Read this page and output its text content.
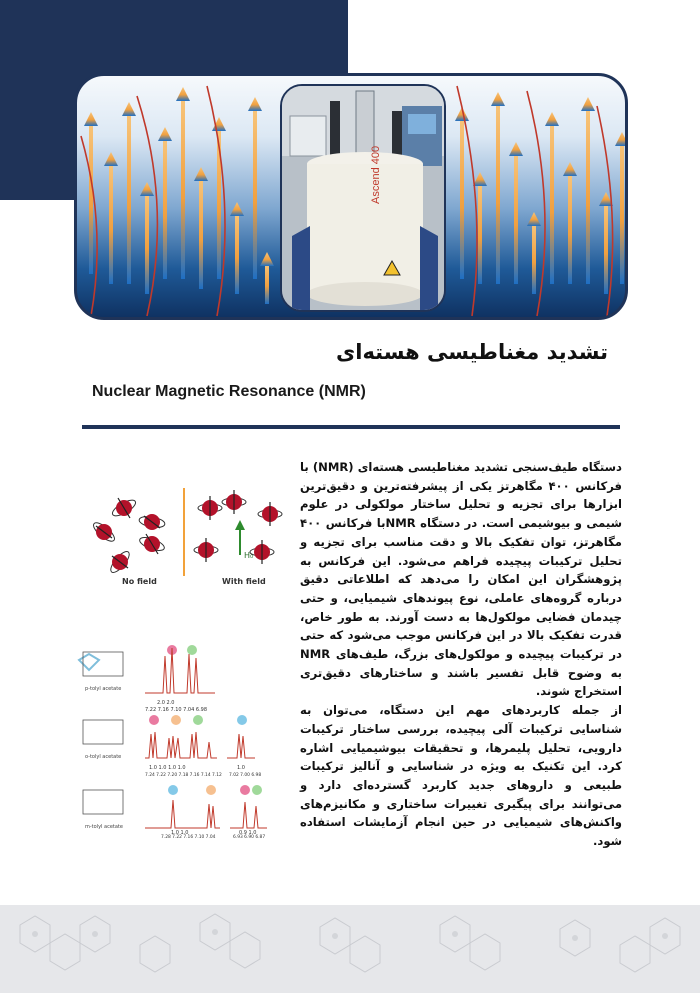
Ascend 400
تشدید مغناطیسی هسته‌ای
Nuclear Magnetic Resonance (NMR)

دستگاه طیف‌سنجی تشدید مغناطیسی هسته‌ای (NMR) با فرکانس ۴۰۰ مگاهرتز یکی از پیشرفته‌ترین و دقیق‌ترین ابزارها برای تجزیه و تحلیل ساختار مولکولی در علوم شیمی و بیوشیمی است. در دستگاه NMRبا فرکانس ۴۰۰ مگاهرتز، توان تفکیک بالا و دقت مناسب برای تجزیه و تحلیل ترکیبات پیچیده فراهم می‌شود. این فرکانس به پژوهشگران این امکان را می‌دهد که اطلاعاتی دقیق درباره گروه‌های عاملی، نوع پیوندهای شیمیایی، و حتی چیدمان فضایی مولکول‌ها به دست آورند. به طور خاص، قدرت تفکیک بالا در این فرکانس موجب می‌شود که حتی در ترکیبات پیچیده و مولکول‌های بزرگ، طیف‌های NMR به وضوح قابل تفسیر باشند و ساختارهای دقیق‌تری استخراج شوند.

از جمله کاربردهای مهم این دستگاه، می‌توان به شناسایی ترکیبات آلی پیچیده، بررسی ساختار ترکیبات دارویی، تحلیل پلیمرها، و تحقیقات بیوشیمیایی اشاره کرد. این تکنیک به ویژه در شناسایی و آنالیز ترکیبات طبیعی و داروهای جدید کاربرد گسترده‌ای دارد و می‌توانند برای پیگیری تغییرات ساختاری و مکانیزم‌های واکنش‌های شیمیایی در حین انجام آزمایشات استفاده شود.

H₀
No field	With field
p-tolyl acetate
2.0 2.0
7.22 7.16 7.10 7.04 6.98
o-tolyl acetate
1.0 1.0 1.0 1.0
7.24 7.22 7.20 7.18 7.16 7.14 7.12
1.0
7.02 7.00 6.98
m-tolyl acetate
1.0 1.0
7.28 7.22 7.16 7.10 7.04
0.9 1.0
6.93 6.90 6.87
